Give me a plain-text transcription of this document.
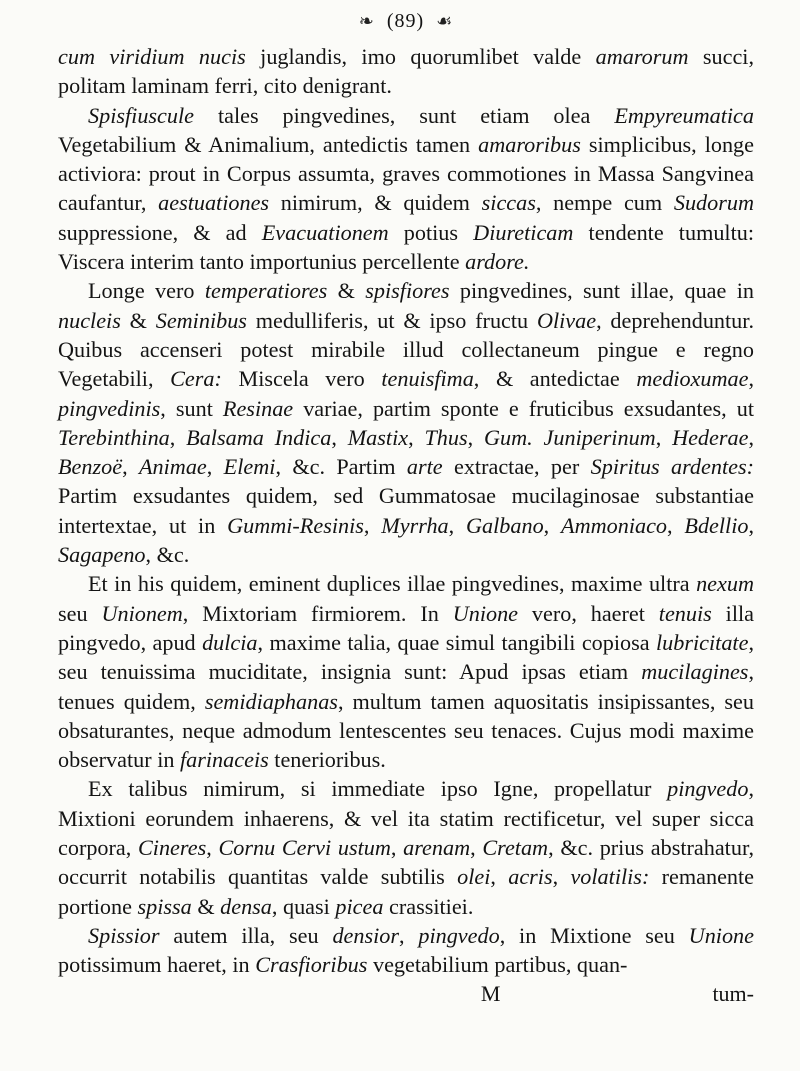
❧ (89) ☙

cum viridium nucis juglandis, imo quorumlibet valde amarorum succi, politam laminam ferri, cito denigrant.

Spisfiuscule tales pingvedines, sunt etiam olea Empyreumatica Vegetabilium & Animalium, antedictis tamen amaroribus simplicibus, longe activiora: prout in Corpus assumta, graves commotiones in Massa Sangvinea caufantur, aestuationes nimirum, & quidem siccas, nempe cum Sudorum suppressione, & ad Evacuationem potius Diureticam tendente tumultu: Viscera interim tanto importunius percellente ardore.

Longe vero temperatiores & spisfiores pingvedines, sunt illae, quae in nucleis & Seminibus medulliferis, ut & ipso fructu Olivae, deprehenduntur. Quibus accenseri potest mirabile illud collectaneum pingue e regno Vegetabili, Cera: Miscela vero tenuisfima, & antedictae medioxumae, pingvedinis, sunt Resinae variae, partim sponte e fruticibus exsudantes, ut Terebinthina, Balsama Indica, Mastix, Thus, Gum. Juniperinum, Hederae, Benzoë, Animae, Elemi, &c. Partim arte extractae, per Spiritus ardentes: Partim exsudantes quidem, sed Gummatosae mucilaginosae substantiae intertextae, ut in Gummi-Resinis, Myrrha, Galbano, Ammoniaco, Bdellio, Sagapeno, &c.

Et in his quidem, eminent duplices illae pingvedines, maxime ultra nexum seu Unionem, Mixtoriam firmiorem. In Unione vero, haeret tenuis illa pingvedo, apud dulcia, maxime talia, quae simul tangibili copiosa lubricitate, seu tenuissima muciditate, insignia sunt: Apud ipsas etiam mucilagines, tenues quidem, semidiaphanas, multum tamen aquositatis insipissantes, seu obsaturantes, neque admodum lentescentes seu tenaces. Cujus modi maxime observatur in farinaceis tenerioribus.

Ex talibus nimirum, si immediate ipso Igne, propellatur pingvedo, Mixtioni eorundem inhaerens, & vel ita statim rectificetur, vel super sicca corpora, Cineres, Cornu Cervi ustum, arenam, Cretam, &c. prius abstrahatur, occurrit notabilis quantitas valde subtilis olei, acris, volatilis: remanente portione spissa & densa, quasi picea crassitiei.

Spissior autem illa, seu densior, pingvedo, in Mixtione seu Unione potissimum haeret, in Crasfioribus vegetabilium partibus, quan-

M	tum-
